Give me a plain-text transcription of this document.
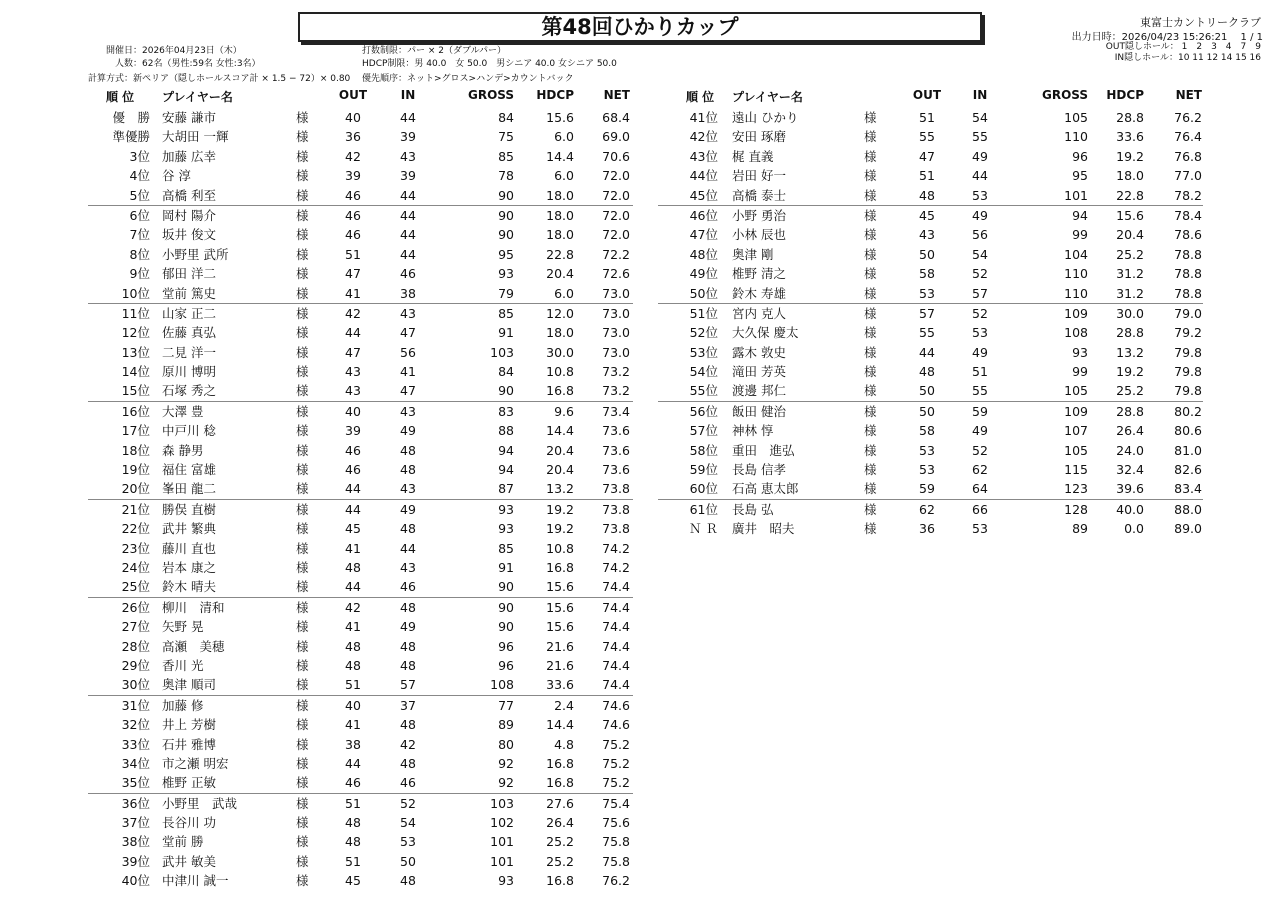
第48回ひかりカップ	東富士カントリークラブ
出力日時：2026/04/23 15:26:21　 1 / 1
OUT隠しホール： 1　2　3　4　7　9
IN隠しホール：10 11 12 14 15 16
開催日：2026年04月23日（木）
人数：62名（男性:59名 女性:3名）
計算方式：新ペリア（隠しホールスコア計 × 1.5 − 72）× 0.80
打数制限：パー × 2（ダブルパー）
HDCP制限：男 40.0　女 50.0　男シニア 40.0 女シニア 50.0
優先順序：ネット>グロス>ハンデ>カウントバック
順 位	プレイヤー名	OUT	IN	GROSS	HDCP	NET	順 位	プレイヤー名	OUT	IN	GROSS	HDCP	NET
優　勝 安藤 謙市	様	40	44	84	15.6	68.4
準優勝 大胡田 一輝	様	36	39	75	6.0	69.0
3位 加藤 広幸	様	42	43	85	14.4	70.6
4位 谷 淳	様	39	39	78	6.0	72.0
5位 高橋 利至	様	46	44	90	18.0	72.0
6位 岡村 陽介	様	46	44	90	18.0	72.0
7位 坂井 俊文	様	46	44	90	18.0	72.0
8位 小野里 武所	様	51	44	95	22.8	72.2
9位 郁田 洋二	様	47	46	93	20.4	72.6
10位 堂前 篤史	様	41	38	79	6.0	73.0
11位 山家 正二	様	42	43	85	12.0	73.0
12位 佐藤 真弘	様	44	47	91	18.0	73.0
13位 二見 洋一	様	47	56	103	30.0	73.0
14位 原川 博明	様	43	41	84	10.8	73.2
15位 石塚 秀之	様	43	47	90	16.8	73.2
16位 大澤 豊	様	40	43	83	9.6	73.4
17位 中戸川 稔	様	39	49	88	14.4	73.6
18位 森 静男	様	46	48	94	20.4	73.6
19位 福住 富雄	様	46	48	94	20.4	73.6
20位 峯田 龍二	様	44	43	87	13.2	73.8
21位 勝俣 直樹	様	44	49	93	19.2	73.8
22位 武井 繁典	様	45	48	93	19.2	73.8
23位 藤川 直也	様	41	44	85	10.8	74.2
24位 岩本 康之	様	48	43	91	16.8	74.2
25位 鈴木 晴夫	様	44	46	90	15.6	74.4
26位 柳川　清和	様	42	48	90	15.6	74.4
27位 矢野 晃	様	41	49	90	15.6	74.4
28位 高瀬　美穂	様	48	48	96	21.6	74.4
29位 香川 光	様	48	48	96	21.6	74.4
30位 奥津 順司	様	51	57	108	33.6	74.4
31位 加藤 修	様	40	37	77	2.4	74.6
32位 井上 芳樹	様	41	48	89	14.4	74.6
33位 石井 雅博	様	38	42	80	4.8	75.2
34位 市之瀬 明宏	様	44	48	92	16.8	75.2
35位 椎野 正敏	様	46	46	92	16.8	75.2
36位 小野里　武哉	様	51	52	103	27.6	75.4
37位 長谷川 功	様	48	54	102	26.4	75.6
38位 堂前 勝	様	48	53	101	25.2	75.8
39位 武井 敏美	様	51	50	101	25.2	75.8
40位 中津川 誠一	様	45	48	93	16.8	76.2
41位 遠山 ひかり	様	51	54	105	28.8	76.2
42位 安田 琢磨	様	55	55	110	33.6	76.4
43位 梶 直義	様	47	49	96	19.2	76.8
44位 岩田 好一	様	51	44	95	18.0	77.0
45位 高橋 泰士	様	48	53	101	22.8	78.2
46位 小野 勇治	様	45	49	94	15.6	78.4
47位 小林 辰也	様	43	56	99	20.4	78.6
48位 奥津 剛	様	50	54	104	25.2	78.8
49位 椎野 清之	様	58	52	110	31.2	78.8
50位 鈴木 寿雄	様	53	57	110	31.2	78.8
51位 宮内 克人	様	57	52	109	30.0	79.0
52位 大久保 慶太	様	55	53	108	28.8	79.2
53位 露木 敦史	様	44	49	93	13.2	79.8
54位 滝田 芳英	様	48	51	99	19.2	79.8
55位 渡邊 邦仁	様	50	55	105	25.2	79.8
56位 飯田 健治	様	50	59	109	28.8	80.2
57位 神林 惇	様	58	49	107	26.4	80.6
58位 重田　進弘	様	53	52	105	24.0	81.0
59位 長島 信孝	様	53	62	115	32.4	82.6
60位 石高 恵太郎	様	59	64	123	39.6	83.4
61位 長島 弘	様	62	66	128	40.0	88.0
Ｎ Ｒ 廣井　昭夫	様	36	53	89	0.0	89.0
